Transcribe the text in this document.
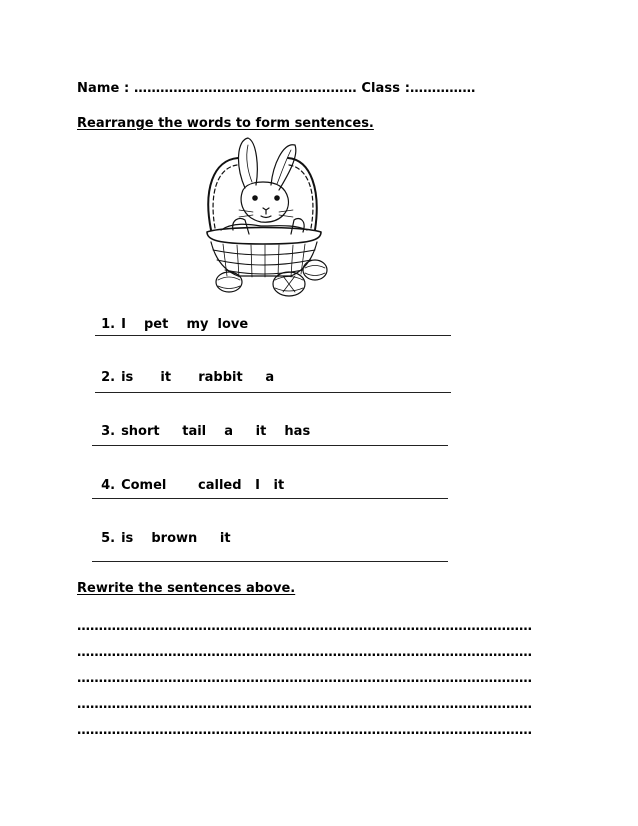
Name : …………………………………………… Class :……………
Rearrange the words to form sentences.

1. I    pet    my  love

2. is      it      rabbit     a

3. short     tail    a     it    has

4. Comel       called   I   it

5. is    brown     it

Rewrite the sentences above.
……………………………………………………………………………………………
……………………………………………………………………………………………
……………………………………………………………………………………………
……………………………………………………………………………………………
……………………………………………………………………………………………
